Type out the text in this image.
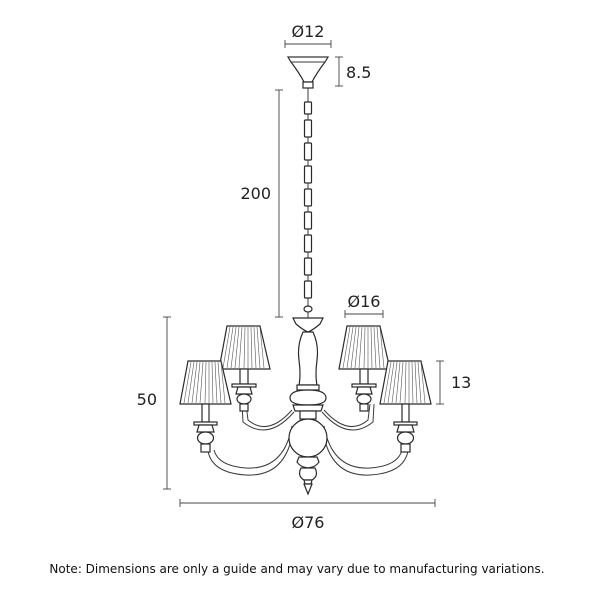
Ø12
8.5
200
Ø16
13
50
Ø76
Note: Dimensions are only a guide and may vary due to manufacturing variations.
